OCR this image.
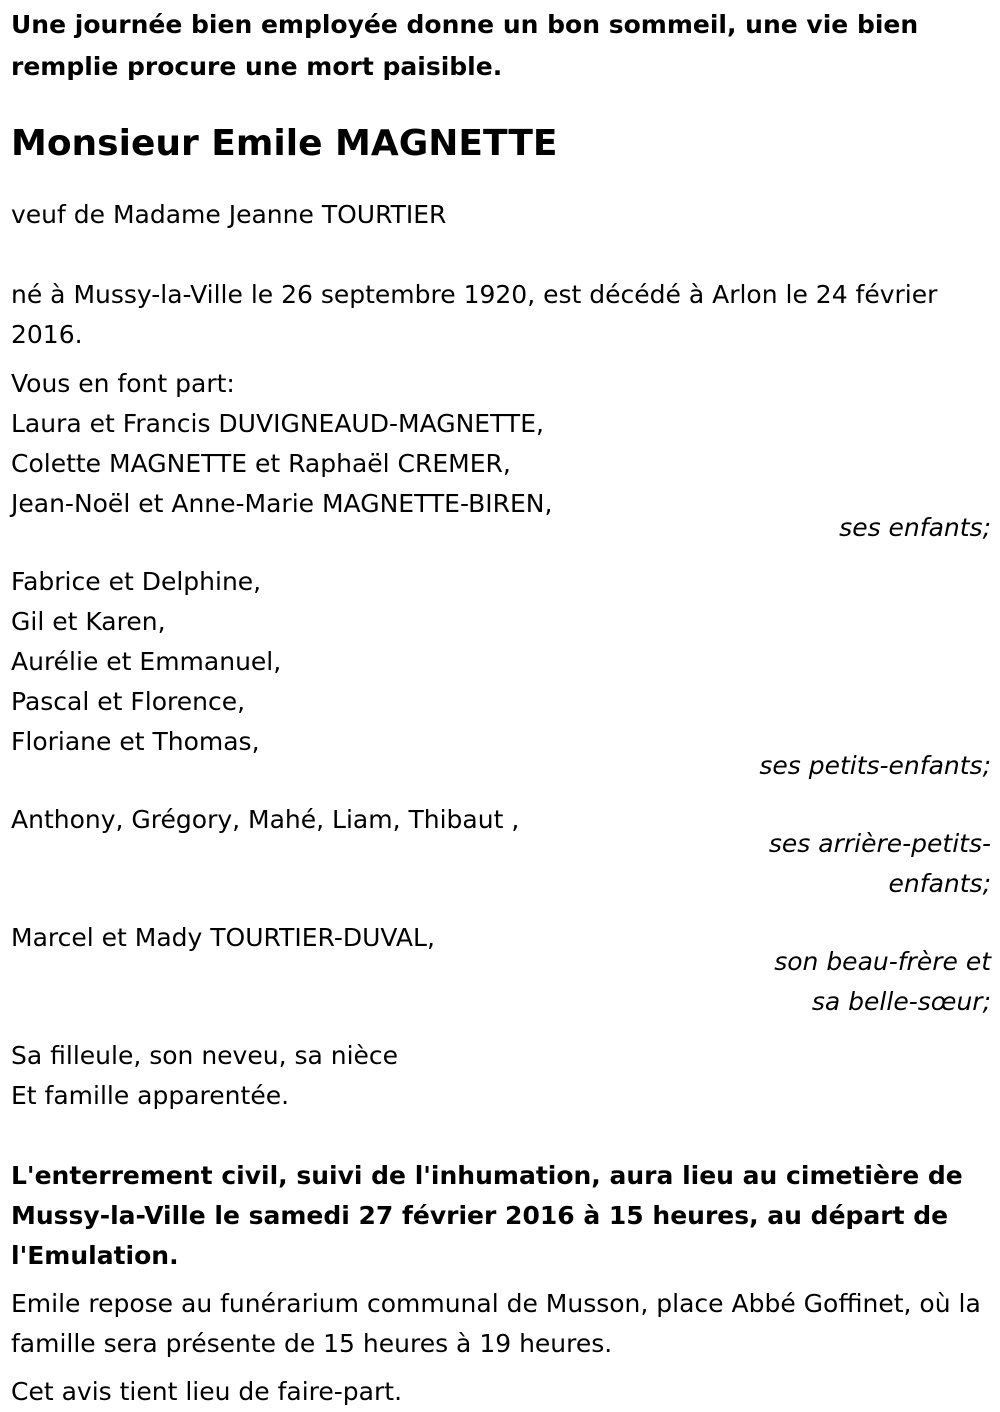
Une journée bien employée donne un bon sommeil, une vie bien remplie procure une mort paisible.

Monsieur Emile MAGNETTE

veuf de Madame Jeanne TOURTIER

né à Mussy-la-Ville le 26 septembre 1920, est décédé à Arlon le 24 février 2016.

Vous en font part:

Laura et Francis DUVIGNEAUD-MAGNETTE,

Colette MAGNETTE et Raphaël CREMER,

Jean-Noël et Anne-Marie MAGNETTE-BIREN,

ses enfants;

Fabrice et Delphine,

Gil et Karen,

Aurélie et Emmanuel,

Pascal et Florence,

Floriane et Thomas,

ses petits-enfants;

Anthony, Grégory, Mahé, Liam, Thibaut ,

ses arrière-petits-enfants;

Marcel et Mady TOURTIER-DUVAL,

son beau-frère et sa belle-sœur;

Sa filleule, son neveu, sa nièce

Et famille apparentée.

L'enterrement civil, suivi de l'inhumation, aura lieu au cimetière de Mussy-la-Ville le samedi 27 février 2016 à 15 heures, au départ de l'Emulation.

Emile repose au funérarium communal de Musson, place Abbé Goffinet, où la famille sera présente de 15 heures à 19 heures.

Cet avis tient lieu de faire-part.
